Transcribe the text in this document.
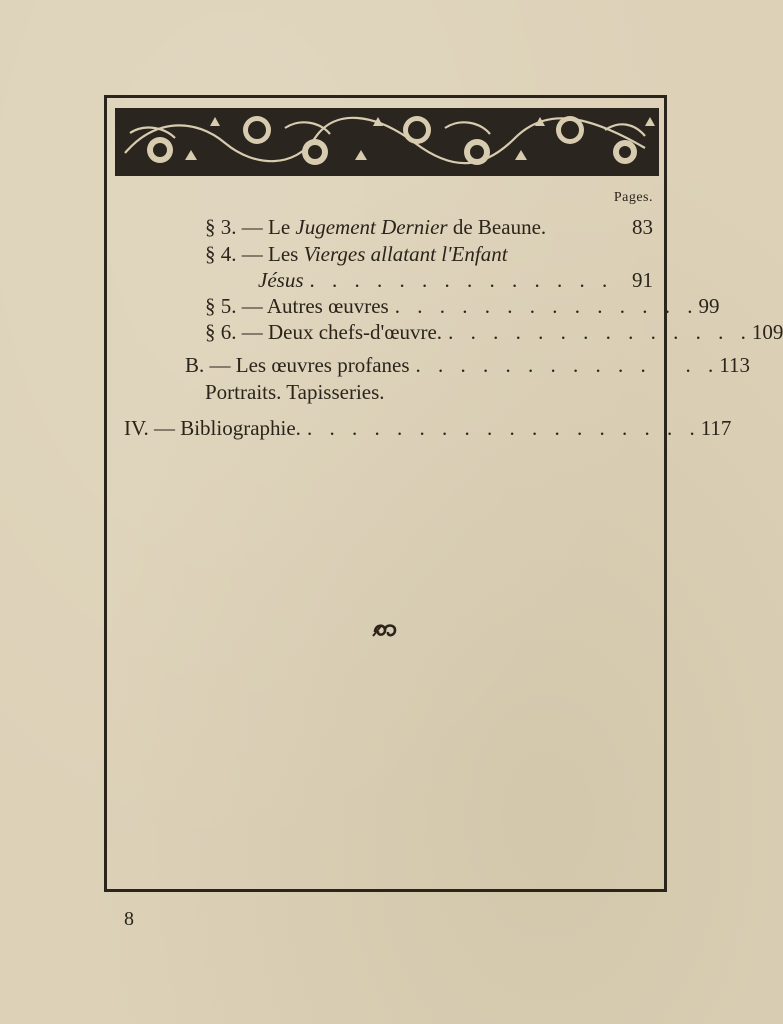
Pages.
§ 3. — Le Jugement Dernier de Beaune.	83
§ 4. — Les Vierges allatant l'Enfant
Jésus . . . . . . . . . . . . . . 91
§ 5. — Autres œuvres . . . . . . . . . . . . . . 99
§ 6. — Deux chefs-d'œuvre. . . . . . . . . . . . . . . 109
B. — Les œuvres profanes . . . . . . . . . . . . . . 113
Portraits. Tapisseries.
IV. — Bibliographie. . . . . . . . . . . . . . . . . . . 117
8
